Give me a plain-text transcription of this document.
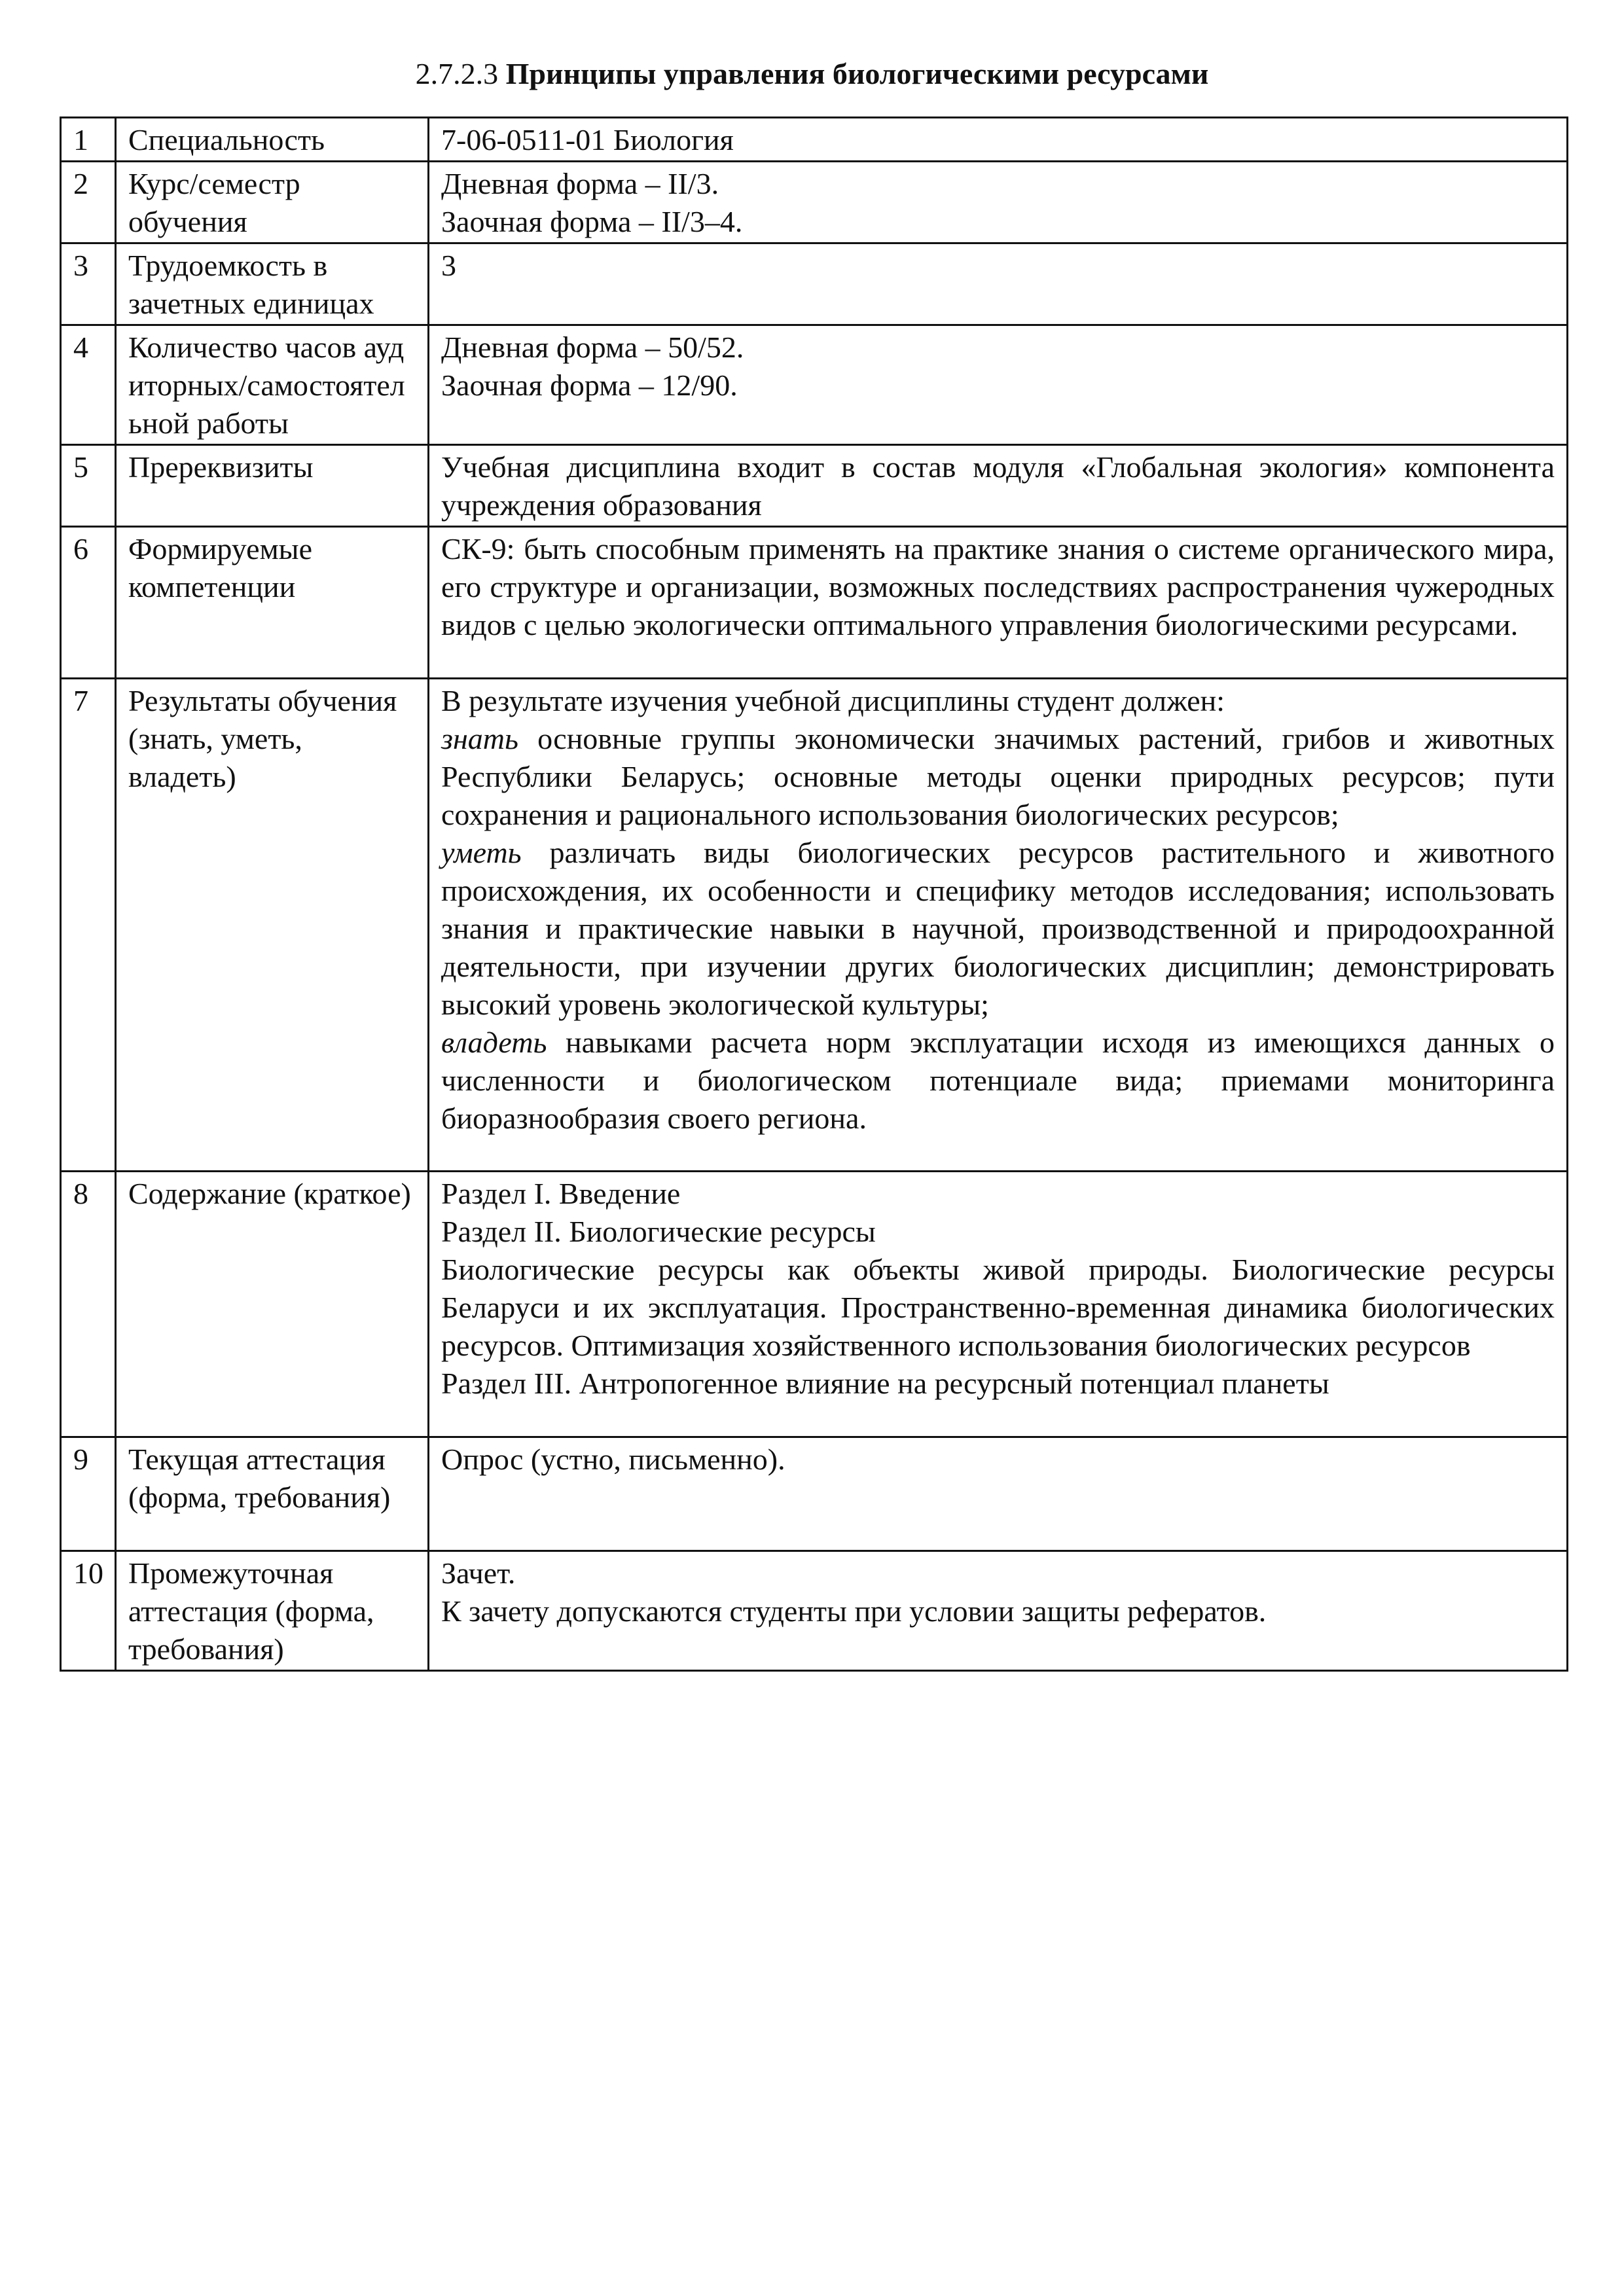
2.7.2.3 Принципы управления биологическими ресурсами
1	Специальность	7-06-0511-01 Биология

2	Курс/семестр обучения	Дневная форма – II/3.
Заочная форма – II/3–4.

3	Трудоемкость в зачетных единицах	3

4	Количество часов аудиторных/самостоятельной работы	Дневная форма – 50/52.
Заочная форма – 12/90.

5	Пререквизиты	Учебная дисциплина входит в состав модуля «Глобальная экология» компонента учреждения образования
6	Формируемые компетенции	СК-9: быть способным применять на практике знания о системе органического мира, его структуре и организации, возможных последствиях распространения чужеродных видов с целью экологически оптимального управления биологическими ресурсами.
7	Результаты обучения (знать, уметь, владеть)	В результате изучения учебной дисциплины студент должен:
знать основные группы экономически значимых растений, грибов и животных Республики Беларусь; основные методы оценки природных ресурсов; пути сохранения и рационального использования биологических ресурсов;
уметь различать виды биологических ресурсов растительного и животного происхождения, их особенности и специфику методов исследования; использовать знания и практические навыки в научной, производственной и природоохранной деятельности, при изучении других биологических дисциплин; демонстрировать высокий уровень экологической культуры;
владеть навыками расчета норм эксплуатации исходя из имеющихся данных о численности и биологическом потенциале вида; приемами мониторинга биоразнообразия своего региона.

8	Содержание (краткое)	Раздел I. Введение
Раздел II. Биологические ресурсы
Биологические ресурсы как объекты живой природы. Биологические ресурсы Беларуси и их эксплуатация. Пространственно-временная динамика биологических ресурсов. Оптимизация хозяйственного использования биологических ресурсов
Раздел III. Антропогенное влияние на ресурсный потенциал планеты

9	Текущая аттестация (форма, требования)	Опрос (устно, письменно).

10	Промежуточная аттестация (форма, требования)	Зачет.
К зачету допускаются студенты при условии защиты рефератов.
